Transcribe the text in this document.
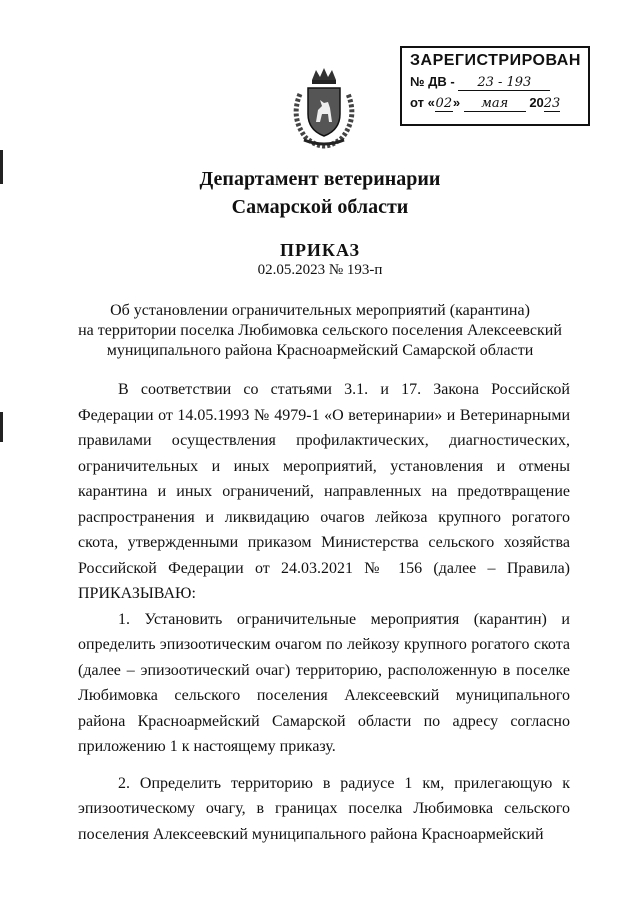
ЗАРЕГИСТРИРОВАН
№ ДВ - 23 - 193
от «02» мая 2023
Департамент ветеринарии
Самарской области
ПРИКАЗ
02.05.2023 № 193-п
Об установлении ограничительных мероприятий (карантина)
на территории поселка Любимовка сельского поселения Алексеевский
муниципального района Красноармейский Самарской области

В соответствии со статьями 3.1. и 17. Закона Российской Федерации от 14.05.1993 № 4979-1 «О ветеринарии» и Ветеринарными правилами осуществления профилактических, диагностических, ограничительных и иных мероприятий, установления и отмены карантина и иных ограничений, направленных на предотвращение распространения и ликвидацию очагов лейкоза крупного рогатого скота, утвержденными приказом Министерства сельского хозяйства Российской Федерации от 24.03.2021 № 156 (далее – Правила) ПРИКАЗЫВАЮ:

1. Установить ограничительные мероприятия (карантин) и определить эпизоотическим очагом по лейкозу крупного рогатого скота (далее – эпизоотический очаг) территорию, расположенную в поселке Любимовка сельского поселения Алексеевский муниципального района Красноармейский Самарской области по адресу согласно приложению 1 к настоящему приказу.

2. Определить территорию в радиусе 1 км, прилегающую к эпизоотическому очагу, в границах поселка Любимовка сельского поселения Алексеевский муниципального района Красноармейский
